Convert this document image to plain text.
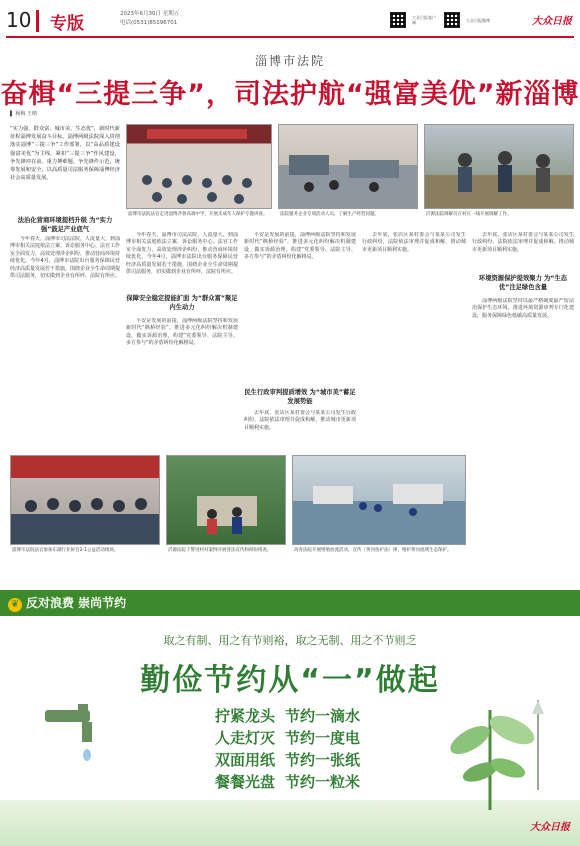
10 专版	2023年6月30日 星期五
电话(0531)85196701
大众日报客户端	大众日报微博	大众日报
淄博市法院
奋楫“三提三争”，司法护航“强富美优”新淄博
▌ 杨梅 王晴
“实力强、群众富、城市美、生态优”，新时代新征程淄博发展奋斗目标。淄博两级法院深入贯彻落实淄博“三提三争”工作部署，以“高品质建设强富美优”为主线，紧扣“三提三争”作风建设，争先锋冲在前、重力搏难题、争先锋作示范，统筹发展和安全，以高质量司法服务保障淄博经济社会高质量发展。
淄博市法院法官走进淄博齐鲁高端中学，开展未成年人保护专题讲座。	法院服务企业专项活动人员，了解生产经营问题。	沂源法院调解员在村庄一线开展调解工作。
法治化营商环境提档升级 为“实力强”鼓足产业底气
今年春天，淄博市司法法院，人流量大，到淄博市相关法庭依法立案、诉讼服务中心、法官工作室全面发力，高效处理涉企纠纷，推动营商环境持续优化。今年4月，淄博市法院出台服务保障民营经济高质量发展若干措施，围绕企业全生命周期提供司法服务，切实做到企业有所呼、法院有所应。
今年春天，淄博市司法法院，人流量大，到淄博市相关法庭依法立案、诉讼服务中心、法官工作室全面发力，高效处理涉企纠纷，推动营商环境持续优化。今年4月，淄博市法院出台服务保障民营经济高质量发展若干措施，围绕企业全生命周期提供司法服务，切实做到企业有所呼、法院有所应。
保障安全稳定提能扩面 为“群众富”聚足内生动力
平安是发展的前提，淄博两级法院坚持和发展新时代“枫桥经验”，推进多元化纠纷解决机制建设，做实诉源治理，构建“党委领导、法院主导、多方参与”的矛盾纠纷化解格局。
平安是发展的前提，淄博两级法院坚持和发展新时代“枫桥经验”，推进多元化纠纷解决机制建设，做实诉源治理，构建“党委领导、法院主导、多方参与”的矛盾纠纷化解格局。
民生行政审判提质增效 为“城市美”蓄足发展势能
去年底，张店区某村委会与某某公司发生行政纠纷，法院依法审理并促成和解，推动城市更新项目顺利实施。
去年底，张店区某村委会与某某公司发生行政纠纷，法院依法审理并促成和解，推动城市更新项目顺利实施。
去年底，张店区某村委会与某某公司发生行政纠纷，法院依法审理并促成和解，推动城市更新项目顺利实施。
环境资源保护提效聚力 为“生态优”注足绿色含量
淄博两级法院坚持以最严格制度最严密法治保护生态环境，推进环境资源审判专门化建设，服务保障绿色低碳高质量发展。
淄博市法院法官参加东湖行业协会2-1公益活动现场。	沂源法院干警进村对案例开展普法宣传和纠纷排查。	高青法院开展增殖放流活动，宣传（黄河鱼护法）律，维护黄河流域生态保护。
❦ 反对浪费 崇尚节约
取之有制、用之有节则裕，取之无制、用之不节则乏
勤俭节约从“一”做起
拧紧龙头 节约一滴水
人走灯灭 节约一度电
双面用纸 节约一张纸
餐餐光盘 节约一粒米
大众日报
